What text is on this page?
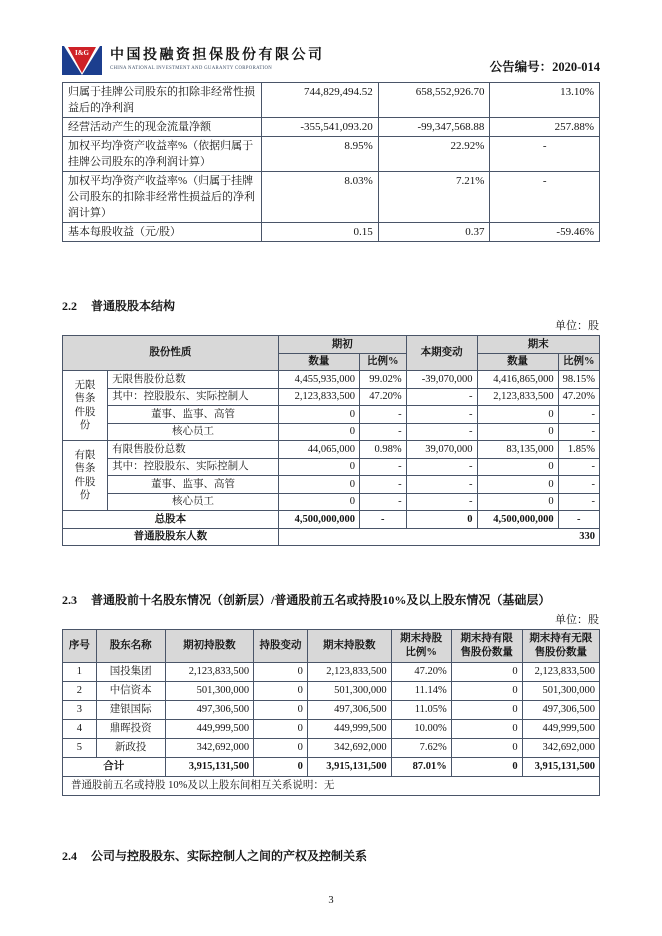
I&G 中国投融资担保股份有限公司
CHINA NATIONAL INVESTMENT AND GUARANTY CORPORATION	公告编号：2020-014
归属于挂牌公司股东的扣除非经常性损益后的净利润	744,829,494.52	658,552,926.70	13.10%
经营活动产生的现金流量净额	-355,541,093.20	-99,347,568.88	257.88%
加权平均净资产收益率%（依据归属于挂牌公司股东的净利润计算）	8.95%	22.92%	-
加权平均净资产收益率%（归属于挂牌公司股东的扣除非经常性损益后的净利润计算）	8.03%	7.21%	-
基本每股收益（元/股）	0.15	0.37	-59.46%
2.2 普通股股本结构
单位：股
股份性质		期初		本期变动	期末	
		数量	比例%		数量	比例%
无限售条件股份	无限售股份总数	4,455,935,000	99.02%	-39,070,000	4,416,865,000	98.15%
	其中：控股股东、实际控制人	2,123,833,500	47.20%	-	2,123,833,500	47.20%
	董事、监事、高管	0	-	-	0	-
	核心员工	0	-	-	0	-
有限售条件股份	有限售股份总数	44,065,000	0.98%	39,070,000	83,135,000	1.85%
	其中：控股股东、实际控制人	0	-	-	0	-
	董事、监事、高管	0	-	-	0	-
	核心员工	0	-	-	0	-
总股本		4,500,000,000	-	0	4,500,000,000	-
普通股股东人数		330				
2.3 普通股前十名股东情况（创新层）/普通股前五名或持股10%及以上股东情况（基础层）
单位：股
序号	股东名称	期初持股数	持股变动	期末持股数	期末持股比例%	期末持有限售股份数量	期末持有无限售股份数量
1	国投集团	2,123,833,500	0	2,123,833,500	47.20%	0	2,123,833,500
2	中信资本	501,300,000	0	501,300,000	11.14%	0	501,300,000
3	建银国际	497,306,500	0	497,306,500	11.05%	0	497,306,500
4	鼎晖投资	449,999,500	0	449,999,500	10.00%	0	449,999,500
5	新政投	342,692,000	0	342,692,000	7.62%	0	342,692,000
合计		3,915,131,500	0	3,915,131,500	87.01%	0	3,915,131,500
普通股前五名或持股 10%及以上股东间相互关系说明：无							
2.4 公司与控股股东、实际控制人之间的产权及控制关系
3
